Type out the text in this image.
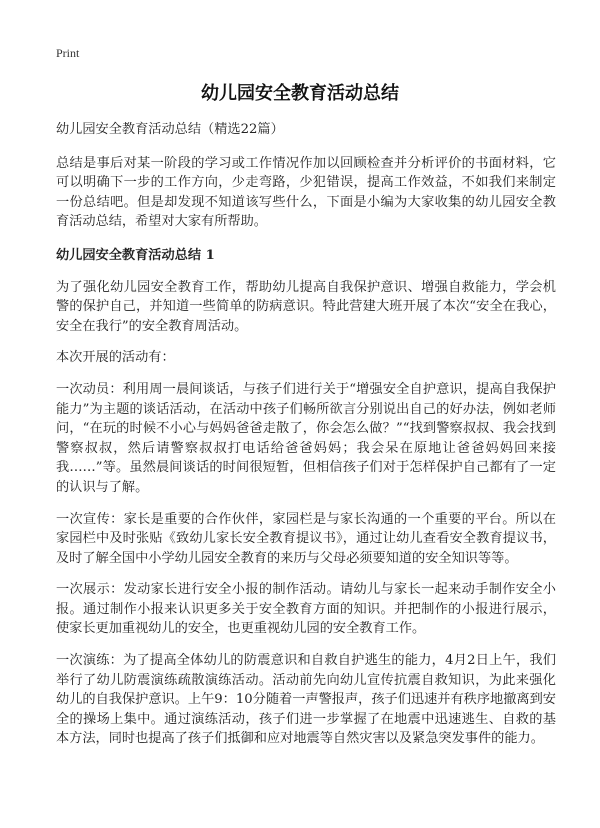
Print
幼儿园安全教育活动总结

幼儿园安全教育活动总结（精选22篇）

总结是事后对某一阶段的学习或工作情况作加以回顾检查并分析评价的书面材料，它可以明确下一步的工作方向，少走弯路，少犯错误，提高工作效益，不如我们来制定一份总结吧。但是却发现不知道该写些什么，下面是小编为大家收集的幼儿园安全教育活动总结，希望对大家有所帮助。

幼儿园安全教育活动总结 1

为了强化幼儿园安全教育工作，帮助幼儿提高自我保护意识、增强自救能力，学会机警的保护自己，并知道一些简单的防病意识。特此营建大班开展了本次“安全在我心，安全在我行”的安全教育周活动。

本次开展的活动有：

一次动员：利用周一晨间谈话，与孩子们进行关于“增强安全自护意识，提高自我保护能力”为主题的谈话活动，在活动中孩子们畅所欲言分别说出自己的好办法，例如老师问，“在玩的时候不小心与妈妈爸爸走散了，你会怎么做？”“找到警察叔叔、我会找到警察叔叔，然后请警察叔叔打电话给爸爸妈妈；我会呆在原地让爸爸妈妈回来接我……”等。虽然晨间谈话的时间很短暂，但相信孩子们对于怎样保护自己都有了一定的认识与了解。

一次宣传：家长是重要的合作伙伴，家园栏是与家长沟通的一个重要的平台。所以在家园栏中及时张贴《致幼儿家长安全教育提议书》，通过让幼儿查看安全教育提议书，及时了解全国中小学幼儿园安全教育的来历与父母必须要知道的安全知识等等。

一次展示：发动家长进行安全小报的制作活动。请幼儿与家长一起来动手制作安全小报。通过制作小报来认识更多关于安全教育方面的知识。并把制作的小报进行展示，使家长更加重视幼儿的安全，也更重视幼儿园的安全教育工作。

一次演练：为了提高全体幼儿的防震意识和自救自护逃生的能力，4月2日上午，我们举行了幼儿防震演练疏散演练活动。活动前先向幼儿宣传抗震自救知识，为此来强化幼儿的自我保护意识。上午9：10分随着一声警报声，孩子们迅速并有秩序地撤离到安全的操场上集中。通过演练活动，孩子们进一步掌握了在地震中迅速逃生、自救的基本方法，同时也提高了孩子们抵御和应对地震等自然灾害以及紧急突发事件的能力。
